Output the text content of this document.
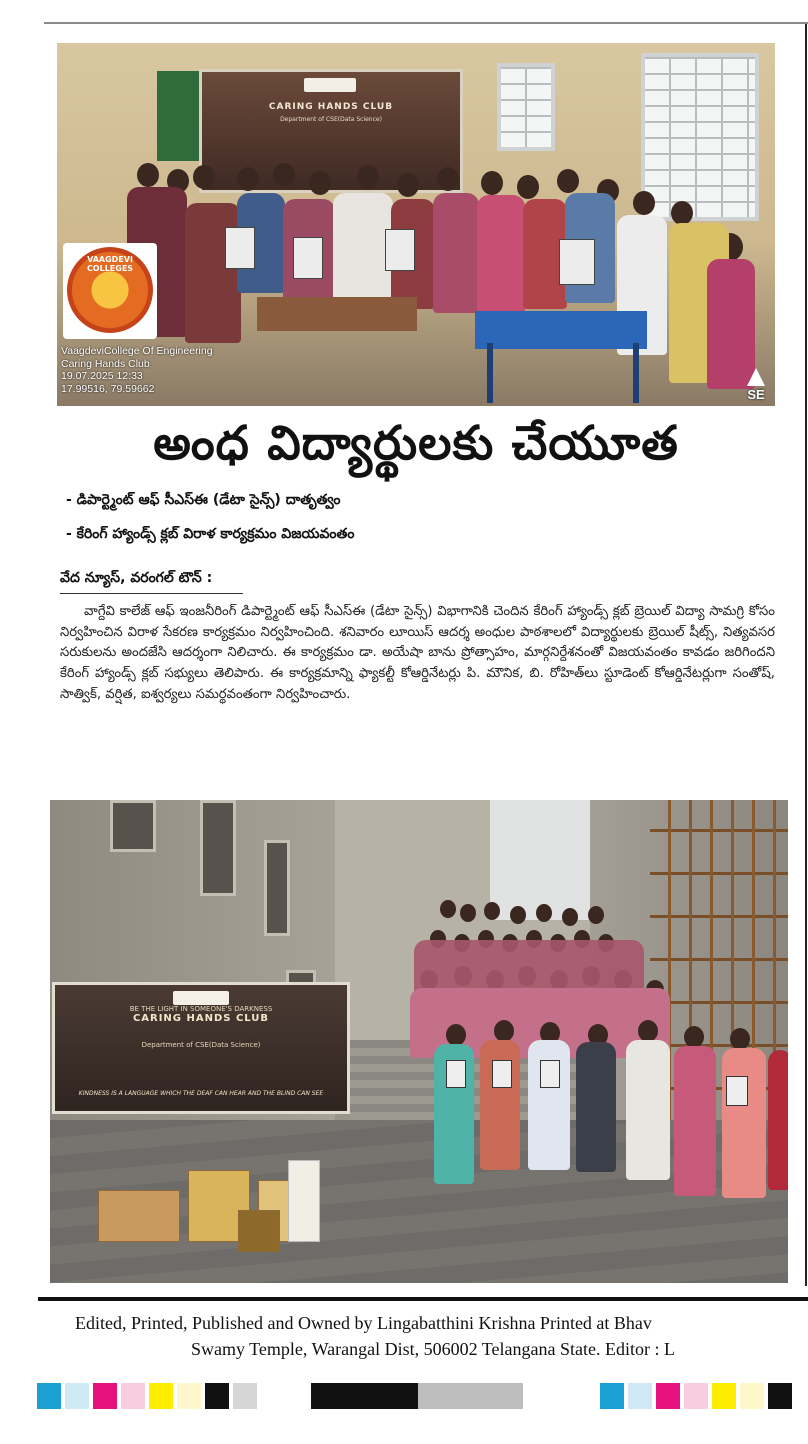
CARING HANDS CLUB
Department of CSE(Data Science)
VAAGDEVI COLLEGES
VaagdeviCollege Of Engineering
Caring Hands Club
19.07.2025 12:33
17.99516, 79.59662	SE
అంధ విద్యార్థులకు చేయూత
- డిపార్ట్మెంట్ ఆఫ్ సీఎస్ఈ (డేటా సైన్స్) దాతృత్వం
- కేరింగ్ హ్యాండ్స్ క్లబ్ విరాళ కార్యక్రమం విజయవంతం
వేద న్యూస్, వరంగల్ టౌన్ :
వాగ్దేవి కాలేజ్ ఆఫ్ ఇంజనీరింగ్ డిపార్ట్మెంట్ ఆఫ్ సీఎస్ఈ (డేటా సైన్స్) విభాగానికి చెందిన కేరింగ్ హ్యాండ్స్ క్లబ్ బ్రెయిల్ విద్యా సామగ్రి కోసం నిర్వహించిన విరాళ సేకరణ కార్యక్రమం నిర్వహించింది. శనివారం లూయిస్ ఆదర్శ అంధుల పాఠశాలలో విద్యార్థులకు బ్రెయిల్ షీట్స్, నిత్యవసర సరుకులను అందజేసి ఆదర్శంగా నిలిచారు. ఈ కార్యక్రమం డా. అయేషా బాను ప్రోత్సాహం, మార్గనిర్దేశనంతో విజయవంతం కావడం జరిగిందని కేరింగ్ హ్యాండ్స్ క్లబ్ సభ్యులు తెలిపారు. ఈ కార్యక్రమాన్ని ఫ్యాకల్టీ కోఆర్డినేటర్లు పి. మౌనిక, బి. రోహిత్‌లు స్టూడెంట్ కోఆర్డినేటర్లుగా సంతోష్, సాత్విక్, వర్షిత, ఐశ్వర్యలు సమర్థవంతంగా నిర్వహించారు.
BE THE LIGHT IN SOMEONE'S DARKNESS
CARING HANDS CLUB
Department of CSE(Data Science)
KINDNESS IS A LANGUAGE WHICH THE DEAF CAN HEAR AND THE BLIND CAN SEE
Edited, Printed, Published and Owned by Lingabatthini Krishna Printed at Bhav
Swamy Temple, Warangal Dist, 506002 Telangana State. Editor : L
